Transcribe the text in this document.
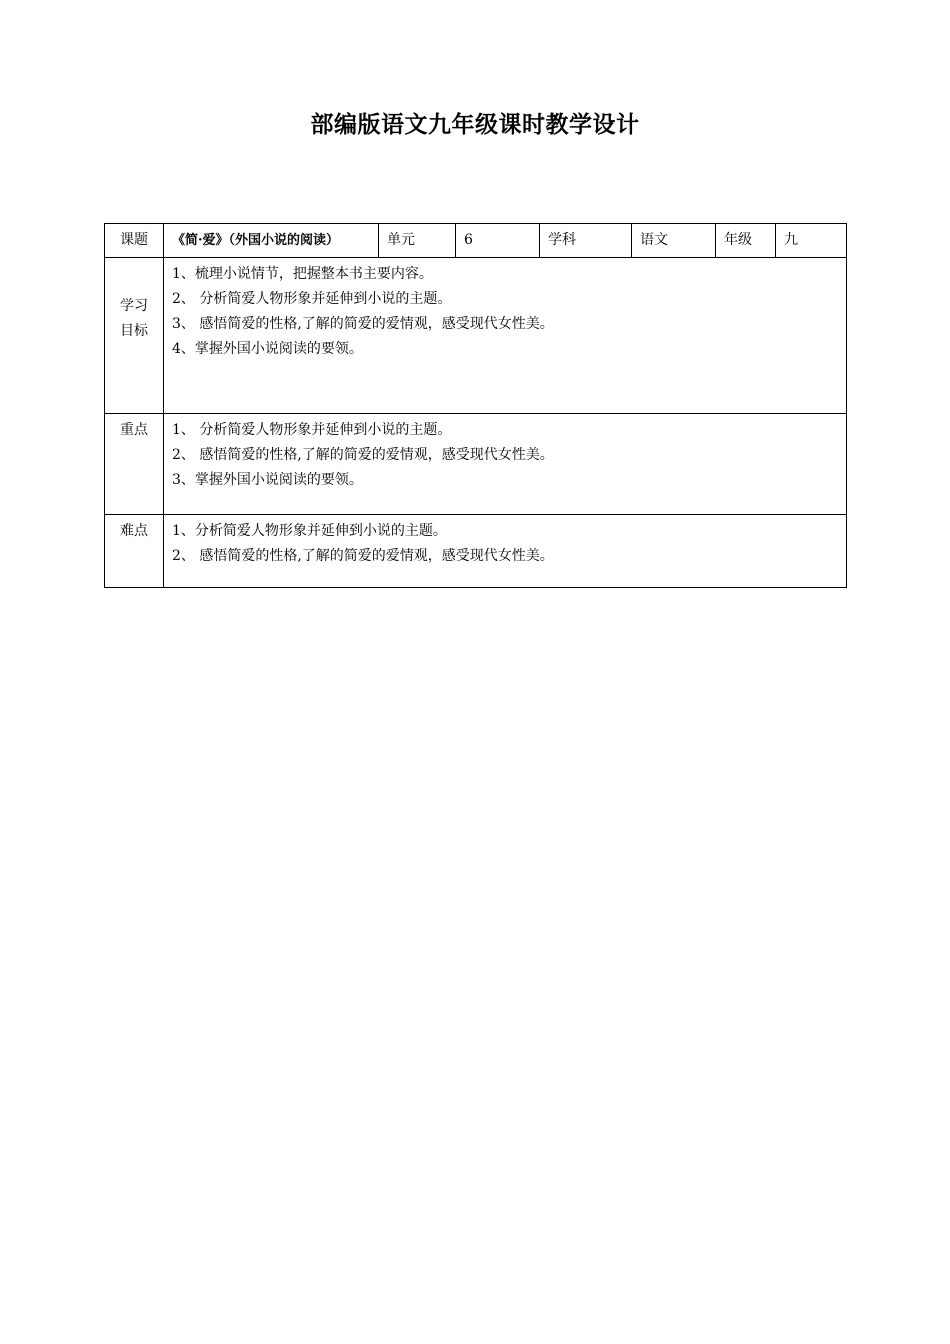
部编版语文九年级课时教学设计
课题	《简·爱》（外国小说的阅读）	单元	6	学科	语文	年级	九

学习
目标	1、梳理小说情节，把握整本书主要内容。
2、 分析简爱人物形象并延伸到小说的主题。
3、 感悟简爱的性格,了解的简爱的爱情观，感受现代女性美。
4、掌握外国小说阅读的要领。						

重点	1、 分析简爱人物形象并延伸到小说的主题。
2、 感悟简爱的性格,了解的简爱的爱情观，感受现代女性美。
3、掌握外国小说阅读的要领。						

难点	1、分析简爱人物形象并延伸到小说的主题。
2、 感悟简爱的性格,了解的简爱的爱情观，感受现代女性美。						
